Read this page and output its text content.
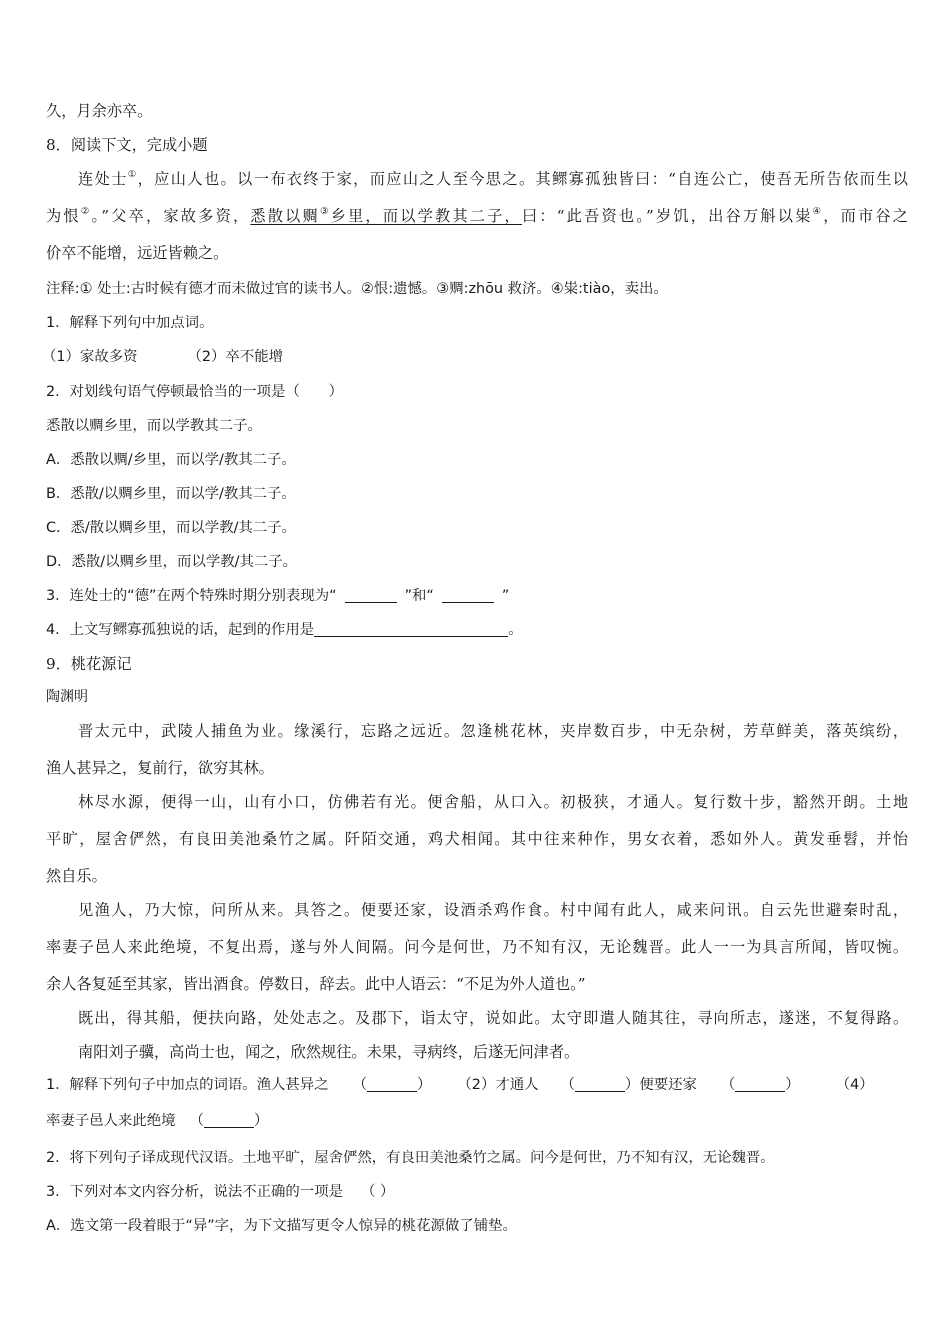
久，月余亦卒。
8．阅读下文，完成小题
连处士①，应山人也。以一布衣终于家，而应山之人至今思之。其鳏寡孤独皆曰：“自连公亡，使吾无所告依而生以
为恨②。”父卒，家故多资，悉散以赒③乡里，而以学教其二子，曰：“此吾资也。”岁饥，出谷万斛以粜④，而市谷之
价卒不能增，远近皆赖之。
注释:① 处士:古时候有德才而未做过官的读书人。②恨:遗憾。③赒:zhōu 救济。④粜:tiào，卖出。
1．解释下列句中加点词。
（1）家故多资	（2）卒不能增
2．对划线句语气停顿最恰当的一项是（　　）
悉散以赒乡里，而以学教其二子。
A．悉散以赒/乡里，而以学/教其二子。
B．悉散/以赒乡里，而以学/教其二子。
C．悉/散以赒乡里，而以学教/其二子。
D．悉散/以赒乡里，而以学教/其二子。
3．连处士的“德”在两个特殊时期分别表现为“	”和“	”
4．上文写鳏寡孤独说的话，起到的作用是	。
9．桃花源记
陶渊明
晋太元中，武陵人捕鱼为业。缘溪行，忘路之远近。忽逢桃花林，夹岸数百步，中无杂树，芳草鲜美，落英缤纷，
渔人甚异之，复前行，欲穷其林。
林尽水源，便得一山，山有小口，仿佛若有光。便舍船，从口入。初极狭，才通人。复行数十步，豁然开朗。土地
平旷，屋舍俨然，有良田美池桑竹之属。阡陌交通，鸡犬相闻。其中往来种作，男女衣着，悉如外人。黄发垂髫，并怡
然自乐。
见渔人，乃大惊，问所从来。具答之。便要还家，设酒杀鸡作食。村中闻有此人，咸来问讯。自云先世避秦时乱，
率妻子邑人来此绝境，不复出焉，遂与外人间隔。问今是何世，乃不知有汉，无论魏晋。此人一一为具言所闻，皆叹惋。
余人各复延至其家，皆出酒食。停数日，辞去。此中人语云：“不足为外人道也。”
既出，得其船，便扶向路，处处志之。及郡下，诣太守，说如此。太守即遣人随其往，寻向所志，遂迷，不复得路。
南阳刘子骥，高尚士也，闻之，欣然规往。未果，寻病终，后遂无问津者。
1．解释下列句子中加点的词语。渔人甚异之 （	） （2）才通人 （	）便要还家 （	）	（4）
率妻子邑人来此绝境 （	）
2．将下列句子译成现代汉语。土地平旷，屋舍俨然，有良田美池桑竹之属。问今是何世，乃不知有汉，无论魏晋。
3．下列对本文内容分析，说法不正确的一项是 （ ）
A．选文第一段着眼于“异”字，为下文描写更令人惊异的桃花源做了铺垫。
